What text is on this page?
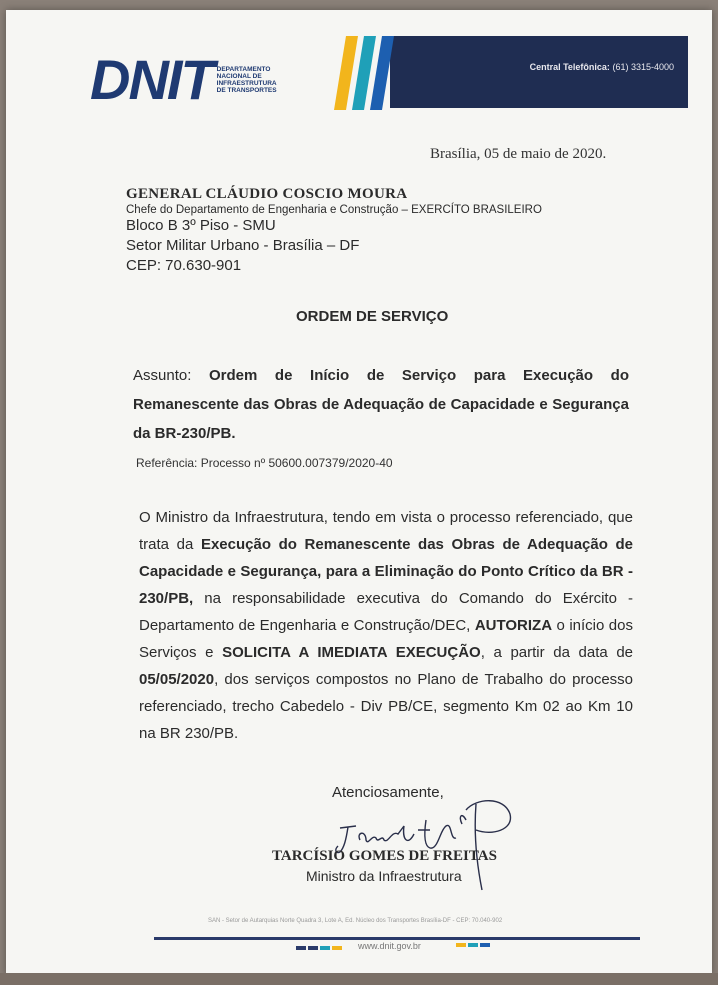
DNIT DEPARTAMENTO
NACIONAL DE
INFRAESTRUTURA
DE TRANSPORTES
Central Telefônica: (61) 3315-4000
Brasília, 05 de maio de 2020.
GENERAL CLÁUDIO COSCIO MOURA
Chefe do Departamento de Engenharia e Construção – EXERCÍTO BRASILEIRO
Bloco B 3º Piso - SMU
Setor Militar Urbano - Brasília – DF
CEP: 70.630-901
ORDEM DE SERVIÇO
Assunto: Ordem de Início de Serviço para Execução do Remanescente das Obras de Adequação de Capacidade e Segurança da BR-230/PB.
Referência: Processo nº 50600.007379/2020-40
O Ministro da Infraestrutura, tendo em vista o processo referenciado, que trata da Execução do Remanescente das Obras de Adequação de Capacidade e Segurança, para a Eliminação do Ponto Crítico da BR - 230/PB, na responsabilidade executiva do Comando do Exército - Departamento de Engenharia e Construção/DEC, AUTORIZA o início dos Serviços e SOLICITA A IMEDIATA EXECUÇÃO, a partir da data de 05/05/2020, dos serviços compostos no Plano de Trabalho do processo referenciado, trecho Cabedelo - Div PB/CE, segmento Km 02 ao Km 10 na BR 230/PB.
Atenciosamente,
TARCÍSIO GOMES DE FREITAS
Ministro da Infraestrutura
SAN - Setor de Autarquias Norte Quadra 3, Lote A, Ed. Núcleo dos Transportes Brasília-DF - CEP: 70.040-902
www.dnit.gov.br
